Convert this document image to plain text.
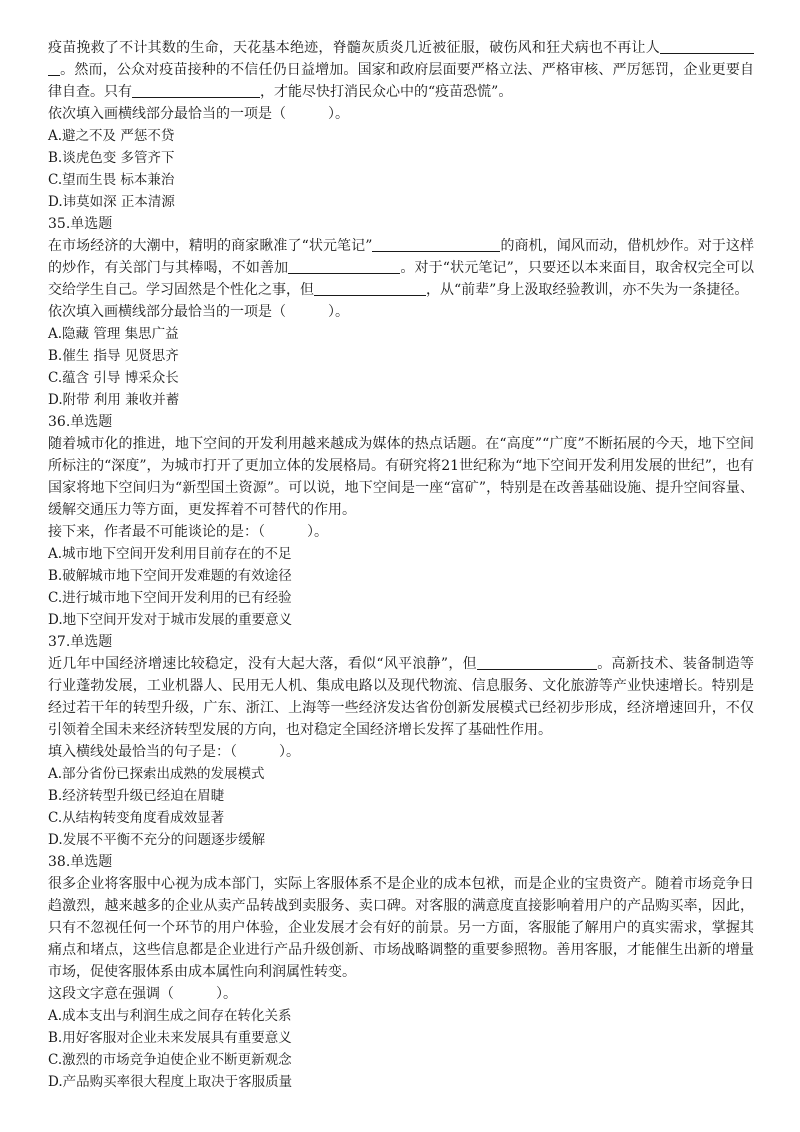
疫苗挽救了不计其数的生命，天花基本绝迹，脊髓灰质炎几近被征服，破伤风和狂犬病也不再让人。然而，公众对疫苗接种的不信任仍日益增加。国家和政府层面要严格立法、严格审核、严厉惩罚，企业更要自律自查。只有	，才能尽快打消民众心中的“疫苗恐慌”。

依次填入画横线部分最恰当的一项是（　　　）。

A.避之不及 严惩不贷

B.谈虎色变 多管齐下

C.望而生畏 标本兼治

D.讳莫如深 正本清源

35.单选题

在市场经济的大潮中，精明的商家瞅准了“状元笔记”	的商机，闻风而动，借机炒作。对于这样的炒作，有关部门与其棒喝，不如善加	。对于“状元笔记”，只要还以本来面目，取舍权完全可以交给学生自己。学习固然是个性化之事，但	，从“前辈”身上汲取经验教训，亦不失为一条捷径。

依次填入画横线部分最恰当的一项是（　　　）。

A.隐藏 管理 集思广益

B.催生 指导 见贤思齐

C.蕴含 引导 博采众长

D.附带 利用 兼收并蓄

36.单选题

随着城市化的推进，地下空间的开发利用越来越成为媒体的热点话题。在“高度”“广度”不断拓展的今天，地下空间所标注的“深度”，为城市打开了更加立体的发展格局。有研究将21世纪称为“地下空间开发利用发展的世纪”，也有国家将地下空间归为“新型国土资源”。可以说，地下空间是一座“富矿”，特别是在改善基础设施、提升空间容量、缓解交通压力等方面，更发挥着不可替代的作用。

接下来，作者最不可能谈论的是：（　　　）。

A.城市地下空间开发利用目前存在的不足

B.破解城市地下空间开发难题的有效途径

C.进行城市地下空间开发利用的已有经验

D.地下空间开发对于城市发展的重要意义

37.单选题

近几年中国经济增速比较稳定，没有大起大落，看似“风平浪静”，但	。高新技术、装备制造等行业蓬勃发展，工业机器人、民用无人机、集成电路以及现代物流、信息服务、文化旅游等产业快速增长。特别是经过若干年的转型升级，广东、浙江、上海等一些经济发达省份创新发展模式已经初步形成，经济增速回升，不仅引领着全国未来经济转型发展的方向，也对稳定全国经济增长发挥了基础性作用。

填入横线处最恰当的句子是：（　　　）。

A.部分省份已探索出成熟的发展模式

B.经济转型升级已经迫在眉睫

C.从结构转变角度看成效显著

D.发展不平衡不充分的问题逐步缓解

38.单选题

很多企业将客服中心视为成本部门，实际上客服体系不是企业的成本包袱，而是企业的宝贵资产。随着市场竞争日趋激烈，越来越多的企业从卖产品转战到卖服务、卖口碑。对客服的满意度直接影响着用户的产品购买率，因此，只有不忽视任何一个环节的用户体验，企业发展才会有好的前景。另一方面，客服能了解用户的真实需求，掌握其痛点和堵点，这些信息都是企业进行产品升级创新、市场战略调整的重要参照物。善用客服，才能催生出新的增量市场，促使客服体系由成本属性向利润属性转变。

这段文字意在强调（　　　）。

A.成本支出与利润生成之间存在转化关系

B.用好客服对企业未来发展具有重要意义

C.激烈的市场竞争迫使企业不断更新观念

D.产品购买率很大程度上取决于客服质量
